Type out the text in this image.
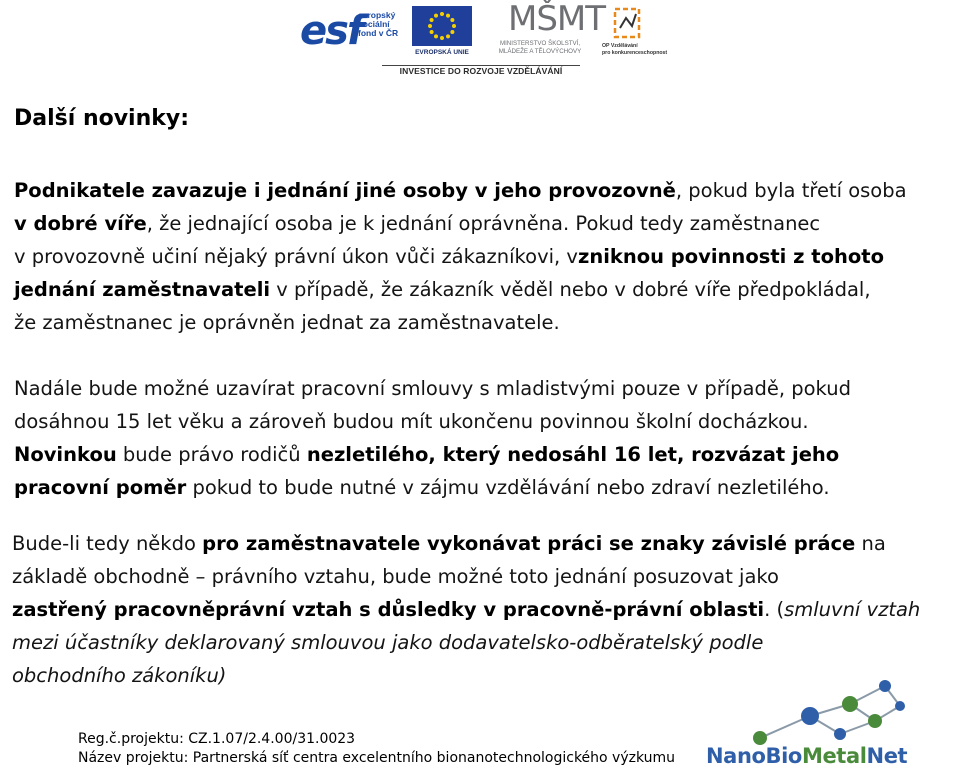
esf
evropský
sociální
fond v ČR
EVROPSKÁ UNIE
MŠMT
MINISTERSTVO ŠKOLSTVÍ,
MLÁDEŽE A TĚLOVÝCHOVY
OP Vzdělávání
pro konkurenceschopnost
INVESTICE DO ROZVOJE VZDĚLÁVÁNÍ
Další novinky:

Podnikatele zavazuje i jednání jiné osoby v jeho provozovně, pokud byla třetí osoba
v dobré víře, že jednající osoba je k jednání oprávněna. Pokud tedy zaměstnanec
v provozovně učiní nějaký právní úkon vůči zákazníkovi, vzniknou povinnosti z tohoto
jednání zaměstnavateli v případě, že zákazník věděl nebo v dobré víře předpokládal,
že zaměstnanec je oprávněn jednat za zaměstnavatele.

Nadále bude možné uzavírat pracovní smlouvy s mladistvými pouze v případě, pokud
dosáhnou 15 let věku a zároveň budou mít ukončenu povinnou školní docházkou.
Novinkou bude právo rodičů nezletilého, který nedosáhl 16 let, rozvázat jeho
pracovní poměr pokud to bude nutné v zájmu vzdělávání nebo zdraví nezletilého.

Bude-li tedy někdo pro zaměstnavatele vykonávat práci se znaky závislé práce na
základě obchodně – právního vztahu, bude možné toto jednání posuzovat jako
zastřený pracovněprávní vztah s důsledky v pracovně-právní oblasti. (smluvní vztah
mezi účastníky deklarovaný smlouvou jako dodavatelsko-odběratelský podle
obchodního zákoníku)

Reg.č.projektu: CZ.1.07/2.4.00/31.0023
Název projektu: Partnerská síť centra excelentního bionanotechnologického výzkumu NanoBioMetalNet
